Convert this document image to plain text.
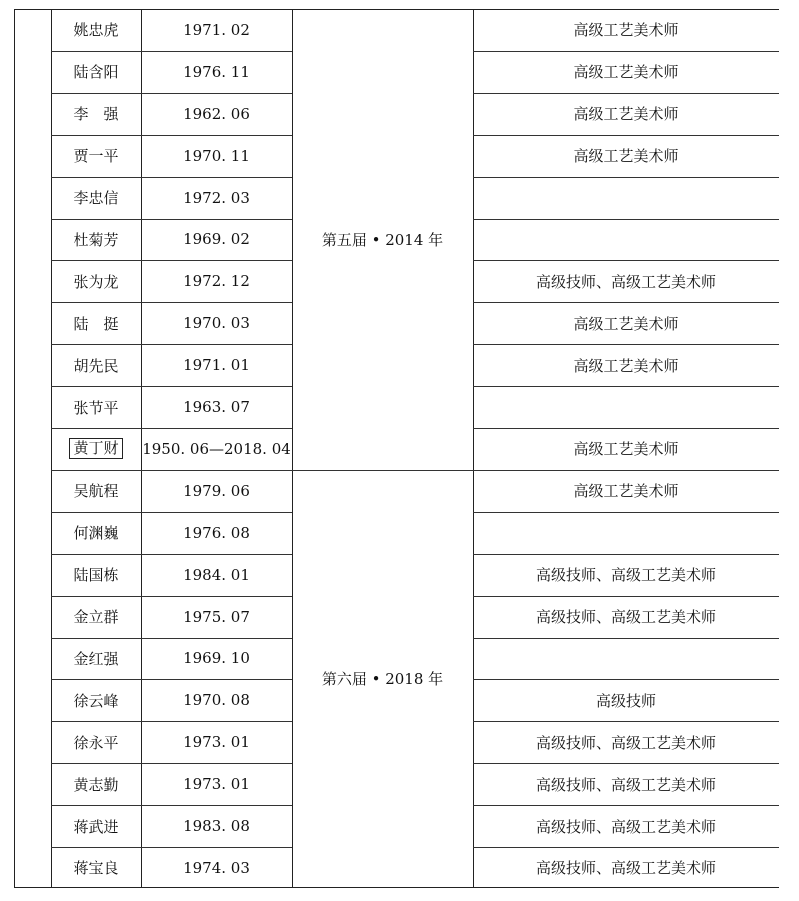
姚忠虎	1971. 02	高级工艺美术师
陆含阳	1976. 11	高级工艺美术师
李　强	1962. 06	高级工艺美术师
贾一平	1970. 11	高级工艺美术师
李忠信	1972. 03
杜菊芳	1969. 02
张为龙	1972. 12	高级技师、高级工艺美术师
陆　挺	1970. 03	高级工艺美术师
胡先民	1971. 01	高级工艺美术师
张节平	1963. 07
黄丁财 1950. 06—2018. 04	高级工艺美术师
吴航程	1979. 06	高级工艺美术师
何渊巍	1976. 08
陆国栋	1984. 01	高级技师、高级工艺美术师
金立群	1975. 07	高级技师、高级工艺美术师
金红强	1969. 10
徐云峰	1970. 08	高级技师
徐永平	1973. 01	高级技师、高级工艺美术师
黄志勤	1973. 01	高级技师、高级工艺美术师
蒋武进	1983. 08	高级技师、高级工艺美术师
蒋宝良	1974. 03	高级技师、高级工艺美术师
第五届 • 2014 年
第六届 • 2018 年
